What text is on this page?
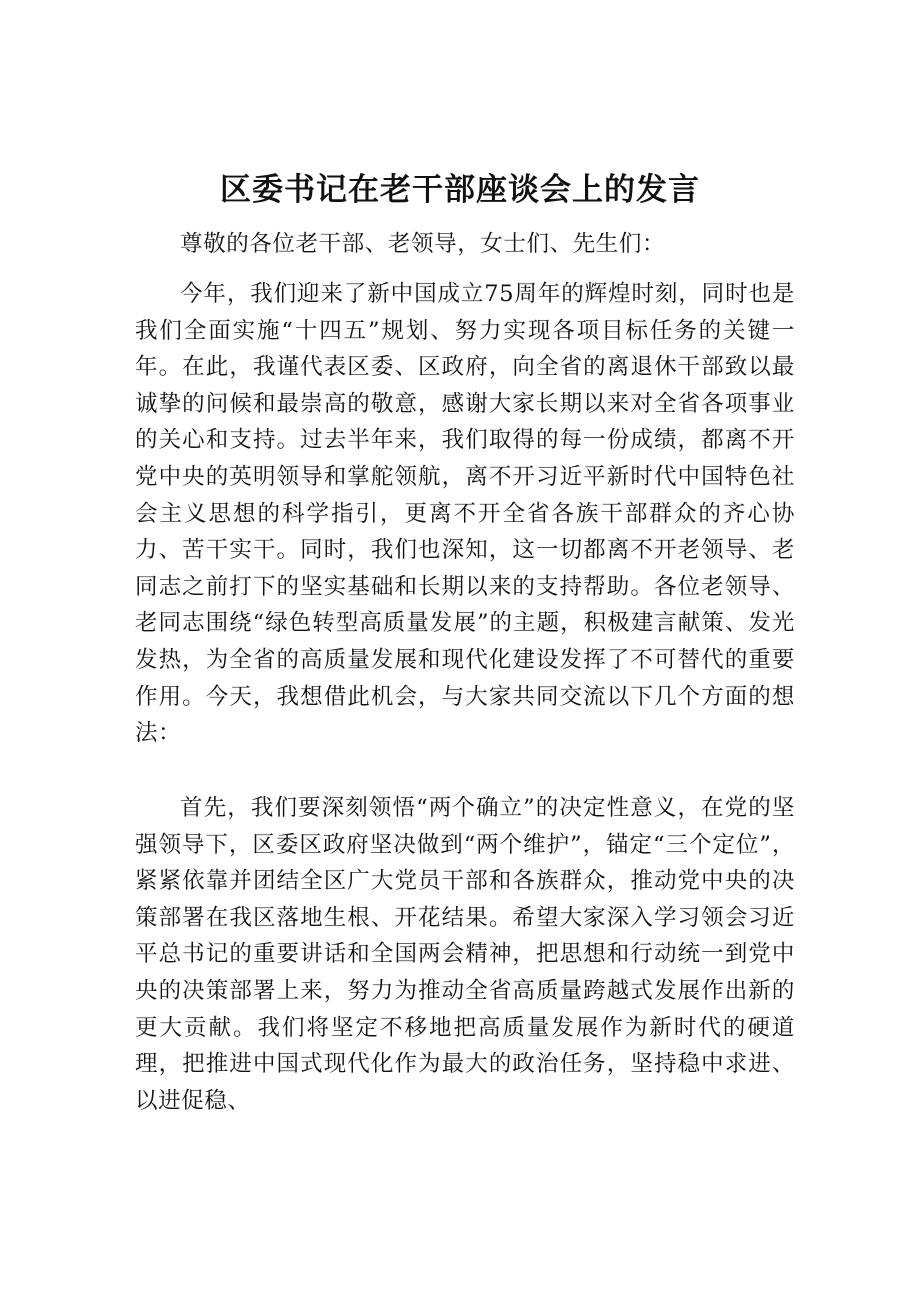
区委书记在老干部座谈会上的发言

尊敬的各位老干部、老领导，女士们、先生们：

今年，我们迎来了新中国成立75周年的辉煌时刻，同时也是我们全面实施“十四五”规划、努力实现各项目标任务的关键一年。在此，我谨代表区委、区政府，向全省的离退休干部致以最诚挚的问候和最崇高的敬意，感谢大家长期以来对全省各项事业的关心和支持。过去半年来，我们取得的每一份成绩，都离不开党中央的英明领导和掌舵领航，离不开习近平新时代中国特色社会主义思想的科学指引，更离不开全省各族干部群众的齐心协力、苦干实干。同时，我们也深知，这一切都离不开老领导、老同志之前打下的坚实基础和长期以来的支持帮助。各位老领导、老同志围绕“绿色转型高质量发展”的主题，积极建言献策、发光发热，为全省的高质量发展和现代化建设发挥了不可替代的重要作用。今天，我想借此机会，与大家共同交流以下几个方面的想法：

首先，我们要深刻领悟“两个确立”的决定性意义，在党的坚强领导下，区委区政府坚决做到“两个维护”，锚定“三个定位”，紧紧依靠并团结全区广大党员干部和各族群众，推动党中央的决策部署在我区落地生根、开花结果。希望大家深入学习领会习近平总书记的重要讲话和全国两会精神，把思想和行动统一到党中央的决策部署上来，努力为推动全省高质量跨越式发展作出新的更大贡献。我们将坚定不移地把高质量发展作为新时代的硬道理，把推进中国式现代化作为最大的政治任务，坚持稳中求进、以进促稳、
